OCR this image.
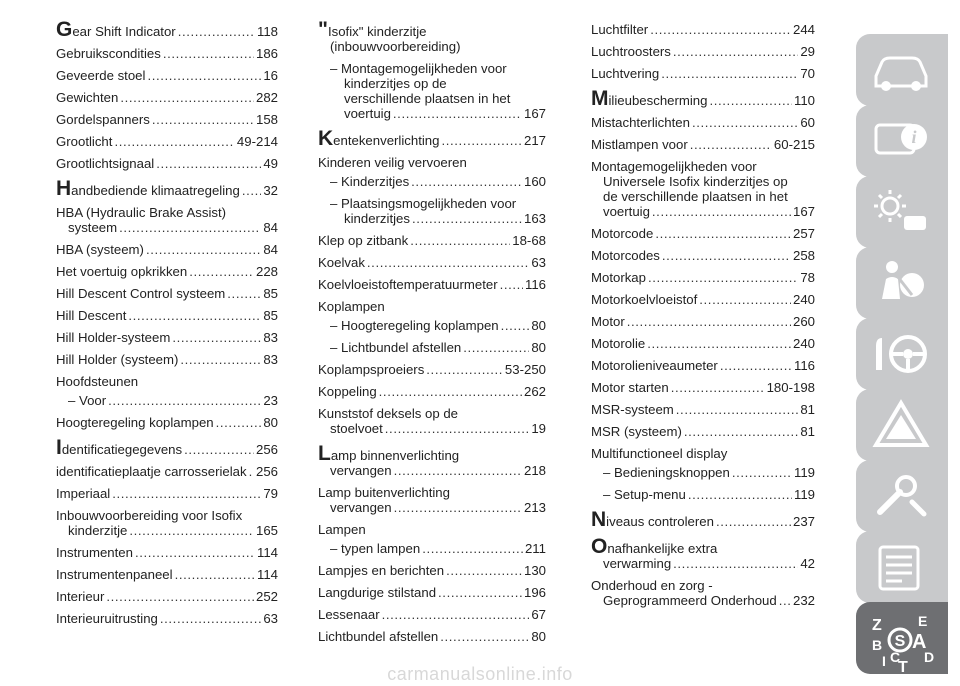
Gear Shift Indicator .....	118
Gebruikscondities .....	186
Geveerde stoel .....	16
Gewichten .....	282
Gordelspanners .....	158
Grootlicht .....	49-214
Grootlichtsignaal .....	49
Handbediende klimaatregeling ..... 32
HBA (Hydraulic Brake Assist)
systeem .....	84
HBA (systeem) .....	84
Het voertuig opkrikken .....	228
Hill Descent Control systeem .....	85
Hill Descent .....	85
Hill Holder-systeem .....	83
Hill Holder (systeem) .....	83
Hoofdsteunen
– Voor .....	23
Hoogteregeling koplampen .....	80
Identificatiegegevens .....	256
identificatieplaatje carrosserielak ..... 256
Imperiaal .....	79
Inbouwvoorbereiding voor Isofix
kinderzitje .....	165
Instrumenten .....	114
Instrumentenpaneel .....	114
Interieur .....	252
Interieuruitrusting .....	63
"Isofix" kinderzitje
(inbouwvoorbereiding)
– Montagemogelijkheden voor
kinderzitjes op de
verschillende plaatsen in het
voertuig .....	167
Kentekenverlichting .....	217
Kinderen veilig vervoeren
– Kinderzitjes .....	160
– Plaatsingsmogelijkheden voor
kinderzitjes .....	163
Klep op zitbank .....	18-68
Koelvak .....	63
Koelvloeistoftemperatuurmeter ..... 116
Koplampen
– Hoogteregeling koplampen ..... 80
– Lichtbundel afstellen .....	80
Koplampsproeiers .....	53-250
Koppeling .....	262
Kunststof deksels op de
stoelvoet .....	19
Lamp binnenverlichting
vervangen .....	218
Lamp buitenverlichting
vervangen .....	213
Lampen
– typen lampen .....	211
Lampjes en berichten .....	130
Langdurige stilstand .....	196
Lessenaar .....	67
Lichtbundel afstellen .....	80
Luchtfilter .....	244
Luchtroosters .....	29
Luchtvering .....	70
Milieubescherming .....	110
Mistachterlichten .....	60
Mistlampen voor .....	60-215
Montagemogelijkheden voor
Universele Isofix kinderzitjes op
de verschillende plaatsen in het
voertuig .....	167
Motorcode .....	257
Motorcodes .....	258
Motorkap .....	78
Motorkoelvloeistof .....	240
Motor .....	260
Motorolie .....	240
Motorolieniveaumeter .....	116
Motor starten .....	180-198
MSR-systeem .....	81
MSR (systeem) .....	81
Multifunctioneel display
– Bedieningsknoppen .....	119
– Setup-menu .....	119
Niveaus controleren .....	237
Onafhankelijke extra
verwarming .....	42
Onderhoud en zorg -
Geprogrammeerd Onderhoud ..... 232
i
Z	E
A
B
D
I C
T
S
carmanualsonline.info
